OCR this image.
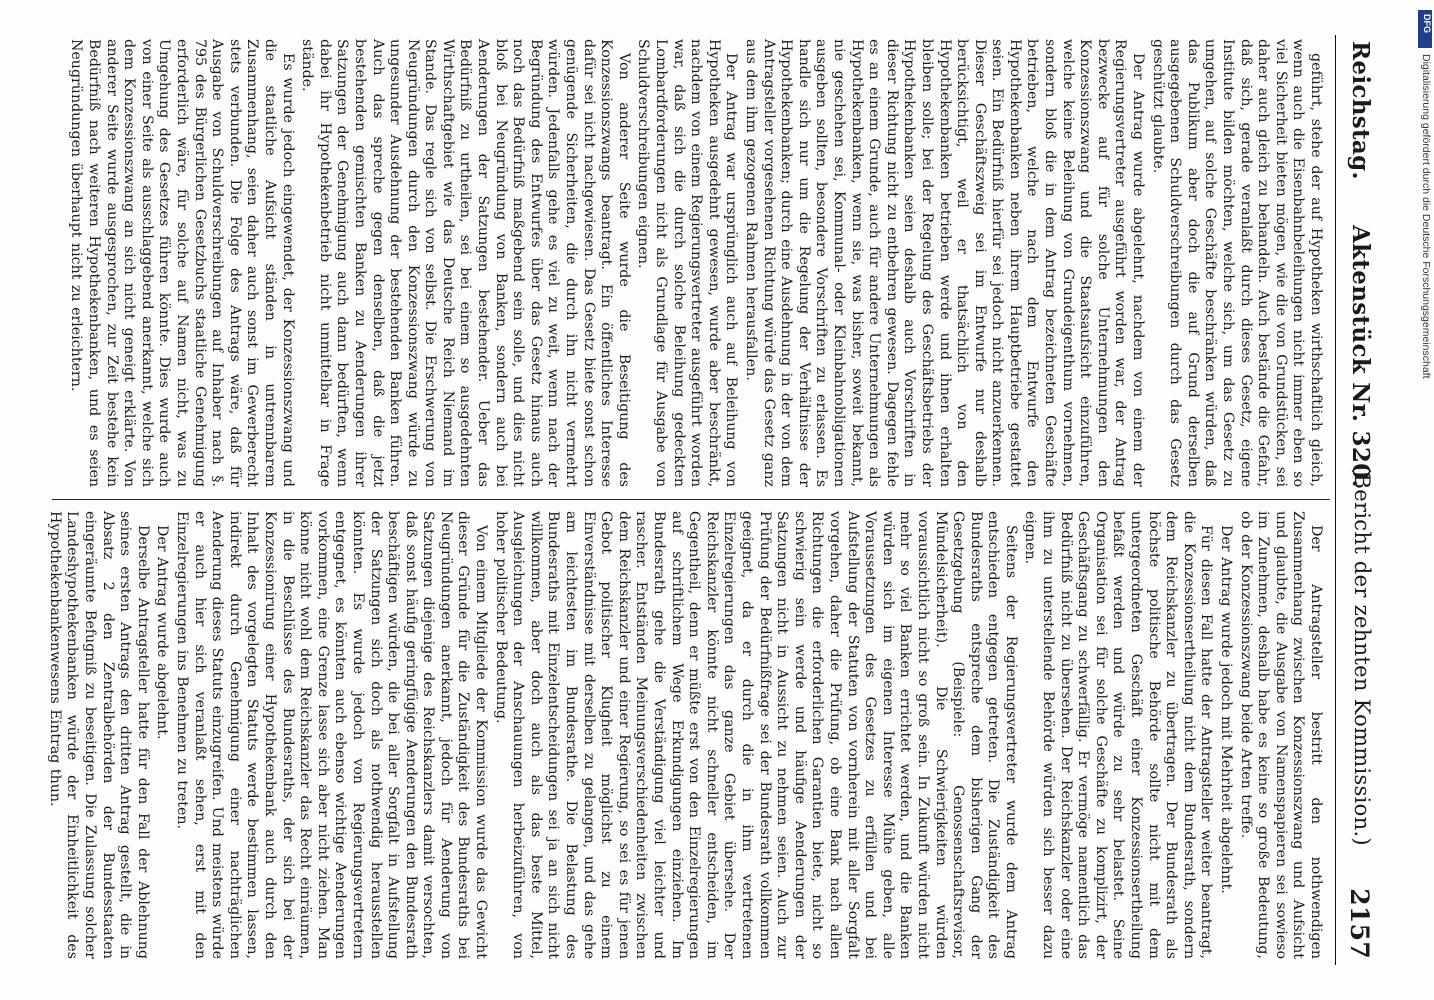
Reichstag.
Aktenstück Nr. 320.
(Bericht der zehnten Kommission.)
2157

geführt, stehe der auf Hypotheken wirthschaftlich gleich, wenn auch die Eisenbahnbeleihungen nicht immer eben so viel Sicherheit bieten mögen, wie die von Grundstücken, sei daher auch gleich zu behandeln. Auch bestände die Gefahr, daß sich, gerade veranlaßt durch dieses Gesetz, eigene Institute bilden möchten, welche sich, um das Gesetz zu umgehen, auf solche Geschäfte beschränken würden, daß das Publikum aber doch die auf Grund derselben ausgegebenen Schuldverschreibungen durch das Gesetz geschützt glaubte.

Der Antrag wurde abgelehnt, nachdem von einem der Regierungsvertreter ausgeführt worden war, der Antrag bezwecke auf für solche Unternehmungen den Konzessionszwang und die Staatsaufsicht einzuführen, welche keine Beleihung von Grundeigenthum vornehmen, sondern bloß die in dem Antrag bezeichneten Geschäfte betrieben, welche nach dem Entwurfe den Hypothekenbanken neben ihrem Hauptbetriebe gestattet seien. Ein Bedürfniß hierfür sei jedoch nicht anzuerkennen. Dieser Geschäftszweig sei im Entwurfe nur deshalb berücksichtigt, weil er thatsächlich von den Hypothekenbanken betrieben werde und ihnen erhalten bleiben solle; bei der Regelung des Geschäftsbetriebs der Hypothekenbanken seien deshalb auch Vorschriften in dieser Richtung nicht zu entbehren gewesen. Dagegen fehle es an einem Grunde, auch für andere Unternehmungen als Hypothekenbanken, wenn sie, was bisher, soweit bekannt, nie geschehen sei, Kommunal- oder Kleinbahnobligationen ausgeben sollten, besondere Vorschriften zu erlassen. Es handle sich nur um die Regelung der Verhältnisse der Hypothekenbanken; durch eine Ausdehnung in der von dem Antragsteller vorgesehenen Richtung würde das Gesetz ganz aus dem ihm gezogenen Rahmen herausfallen.

Der Antrag war ursprünglich auch auf Beleihung von Hypotheken ausgedehnt gewesen, wurde aber beschränkt, nachdem von einem Regierungsvertreter ausgeführt worden war, daß sich die durch solche Beleihung gedeckten Lombardforderungen nicht als Grundlage für Ausgabe von Schuldverschreibungen eignen.

Von anderer Seite wurde die Beseitigung des Konzessionszwangs beantragt. Ein öffentliches Interesse dafür sei nicht nachgewiesen. Das Gesetz biete sonst schon genügende Sicherheiten, die durch ihn nicht vermehrt würden. Jedenfalls gehe es viel zu weit, wenn nach der Begründung des Entwurfes über das Gesetz hinaus auch noch das Bedürfniß maßgebend sein solle, und dies nicht bloß bei Neugründung von Banken, sondern auch bei Aenderungen der Satzungen bestehender. Ueber das Bedürfniß zu urtheilen, sei bei einem so ausgedehnten Wirthschaftgebiet wie das Deutsche Reich Niemand im Stande. Das regle sich von selbst. Die Erschwerung von Neugründungen durch den Konzessionszwang würde zu ungesunder Ausdehnung der bestehenden Banken führen. Auch das spreche gegen denselben, daß die jetzt bestehenden gemischten Banken zu Aenderungen ihrer Satzungen der Genehmigung auch dann bedürften, wenn dabei ihr Hypothekenbetrieb nicht unmittelbar in Frage stände.

Es wurde jedoch eingewendet, der Konzessionszwang und die staatliche Aufsicht ständen in untrennbarem Zusammenhang, seien daher auch sonst im Gewerberecht stets verbunden. Die Folge des Antrags wäre, daß für Ausgabe von Schuldverschreibungen auf Inhaber nach §. 795 des Bürgerlichen Gesetzbuchs staatliche Genehmigung erforderlich wäre, für solche auf Namen nicht, was zu Umgehung des Gesetzes führen könnte. Dies wurde auch von einer Seite als ausschlaggebend anerkannt, welche sich dem Konzessionszwang an sich nicht geneigt erklärte. Von anderer Seite wurde ausgesprochen, zur Zeit bestehe kein Bedürfniß nach weiteren Hypothekenbanken, und es seien Neugründungen überhaupt nicht zu erleichtern.

Der Antragsteller bestritt den nothwendigen Zusammenhang zwischen Konzessionszwang und Aufsicht und glaubte, die Ausgabe von Namenspapieren sei sowieso im Zunehmen, deshalb habe es keine so große Bedeutung, ob der Konzessionszwang beide Arten treffe.

Der Antrag wurde jedoch mit Mehrheit abgelehnt.

Für diesen Fall hatte der Antragsteller weiter beantragt, die Konzessionsertheilung nicht dem Bundesrath, sondern dem Reichskanzler zu übertragen. Der Bundesrath als höchste politische Behörde sollte nicht mit dem untergeordneten Geschäft einer Konzessionsertheilung befaßt werden und würde zu sehr belastet. Seine Organisation sei für solche Geschäfte zu komplizirt, der Geschäftsgang zu schwerfällig. Er vermöge namentlich das Bedürfniß nicht zu übersehen. Der Reichskanzler oder eine ihm zu unterstellende Behörde würden sich besser dazu eignen.

Seitens der Regierungsvertreter wurde dem Antrag entschieden entgegen getreten. Die Zuständigkeit des Bundesraths entspreche dem bisherigen Gang der Gesetzgebung (Beispiele: Genossenschaftsrevisor, Mündelsicherheit). Die Schwierigkeiten würden voraussichtlich nicht so groß sein. In Zukunft würden nicht mehr so viel Banken errichtet werden, und die Banken würden sich im eigenen Interesse Mühe geben, alle Voraussetzungen des Gesetzes zu erfüllen und bei Aufstellung der Statuten von vornherein mit aller Sorgfalt vorgehen, daher die Prüfung, ob eine Bank nach allen Richtungen die erforderlichen Garantien biete, nicht so schwierig sein werde und häufige Aenderungen der Satzungen nicht in Aussicht zu nehmen seien. Auch zur Prüfung der Bedürfnißfrage sei der Bundesrath vollkommen geeignet, da er durch die in ihm vertretenen Einzelregierungen das ganze Gebiet übersehe. Der Reichskanzler könnte nicht schneller entscheiden, im Gegentheil, denn er müßte erst von den Einzelregierungen auf schriftlichem Wege Erkundigungen einziehen. Im Bundesrath gehe die Verständigung viel leichter und rascher. Entständen Meinungsverschiedenheiten zwischen dem Reichskanzler und einer Regierung, so sei es für jenen Gebot politischer Klugheit möglichst zu einem Einverständnisse mit derselben zu gelangen, und das gehe am leichtesten im Bundesrathe. Die Belastung des Bundesraths mit Einzelentscheidungen sei ja an sich nicht willkommen, aber doch auch als das beste Mittel, Ausgleichungen der Anschauungen herbeizuführen, von hoher politischer Bedeutung.

Von einem Mitgliede der Kommission wurde das Gewicht dieser Gründe für die Zuständigkeit des Bundesraths bei Neugründungen anerkannt, jedoch für Aenderung von Satzungen diejenige des Reichskanzlers damit versochten, daß sonst häufig geringfügige Aenderungen den Bundesrath beschäftigen würden, die bei aller Sorgfalt in Aufstellung der Satzungen sich doch als nothwendig herausstellen könnten. Es wurde jedoch von Regierungsvertretern entgegnet, es könnten auch ebenso wichtige Aenderungen vorkommen, eine Grenze lasse sich aber nicht ziehen. Man könne nicht wohl dem Reichskanzler das Recht einräumen, in die Beschlüsse des Bundesraths, der sich bei der Konzessionirung einer Hypothekenbank auch durch den Inhalt des vorgelegten Statuts werde bestimmen lassen, indirekt durch Genehmigung einer nachträglichen Aenderung dieses Statuts einzugreifen. Und meistens würde er auch hier sich veranlaßt sehen, erst mit den Einzelregierungen ins Benehmen zu treten.

Der Antrag wurde abgelehnt.

Derselbe Antragsteller hatte für den Fall der Ablehnung seines ersten Antrags den dritten Antrag gestellt, die in Absatz 2 den Zentralbehörden der Bundesstaaten eingeräumte Befugniß zu beseitigen. Die Zulassung solcher Landeshypothekenbanken würde der Einheitlichkeit des Hypothekenbankenwesens Eintrag thun.

DFG
Digitalisierung gefördert durch die Deutsche Forschungsgemeinschaft
